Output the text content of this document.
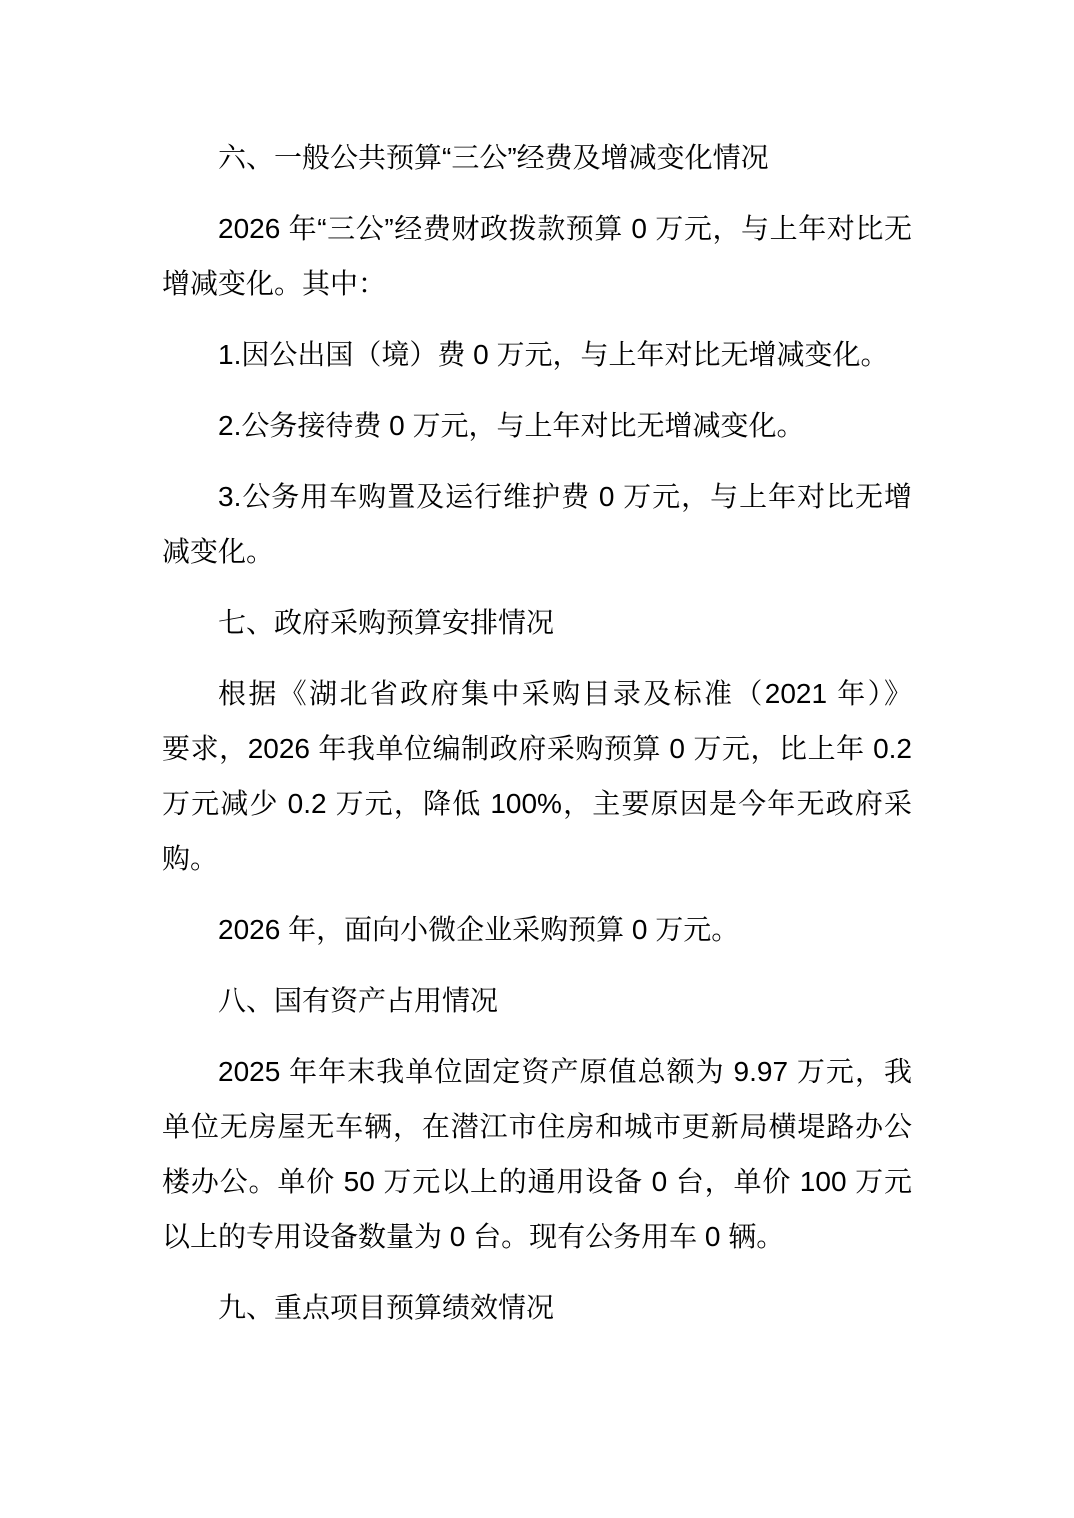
六、一般公共预算“三公”经费及增减变化情况
2026 年“三公”经费财政拨款预算 0 万元，与上年对比无
增减变化。其中：
1.因公出国（境）费 0 万元，与上年对比无增减变化。
2.公务接待费 0 万元，与上年对比无增减变化。
3.公务用车购置及运行维护费 0 万元，与上年对比无增
减变化。
七、政府采购预算安排情况
根据《湖北省政府集中采购目录及标准（2021 年）》
要求，2026 年我单位编制政府采购预算 0 万元，比上年 0.2
万元减少 0.2 万元，降低 100%，主要原因是今年无政府采
购。
2026 年，面向小微企业采购预算 0 万元。
八、国有资产占用情况
2025 年年末我单位固定资产原值总额为 9.97 万元，我
单位无房屋无车辆，在潜江市住房和城市更新局横堤路办公
楼办公。单价 50 万元以上的通用设备 0 台，单价 100 万元
以上的专用设备数量为 0 台。现有公务用车 0 辆。
九、重点项目预算绩效情况
